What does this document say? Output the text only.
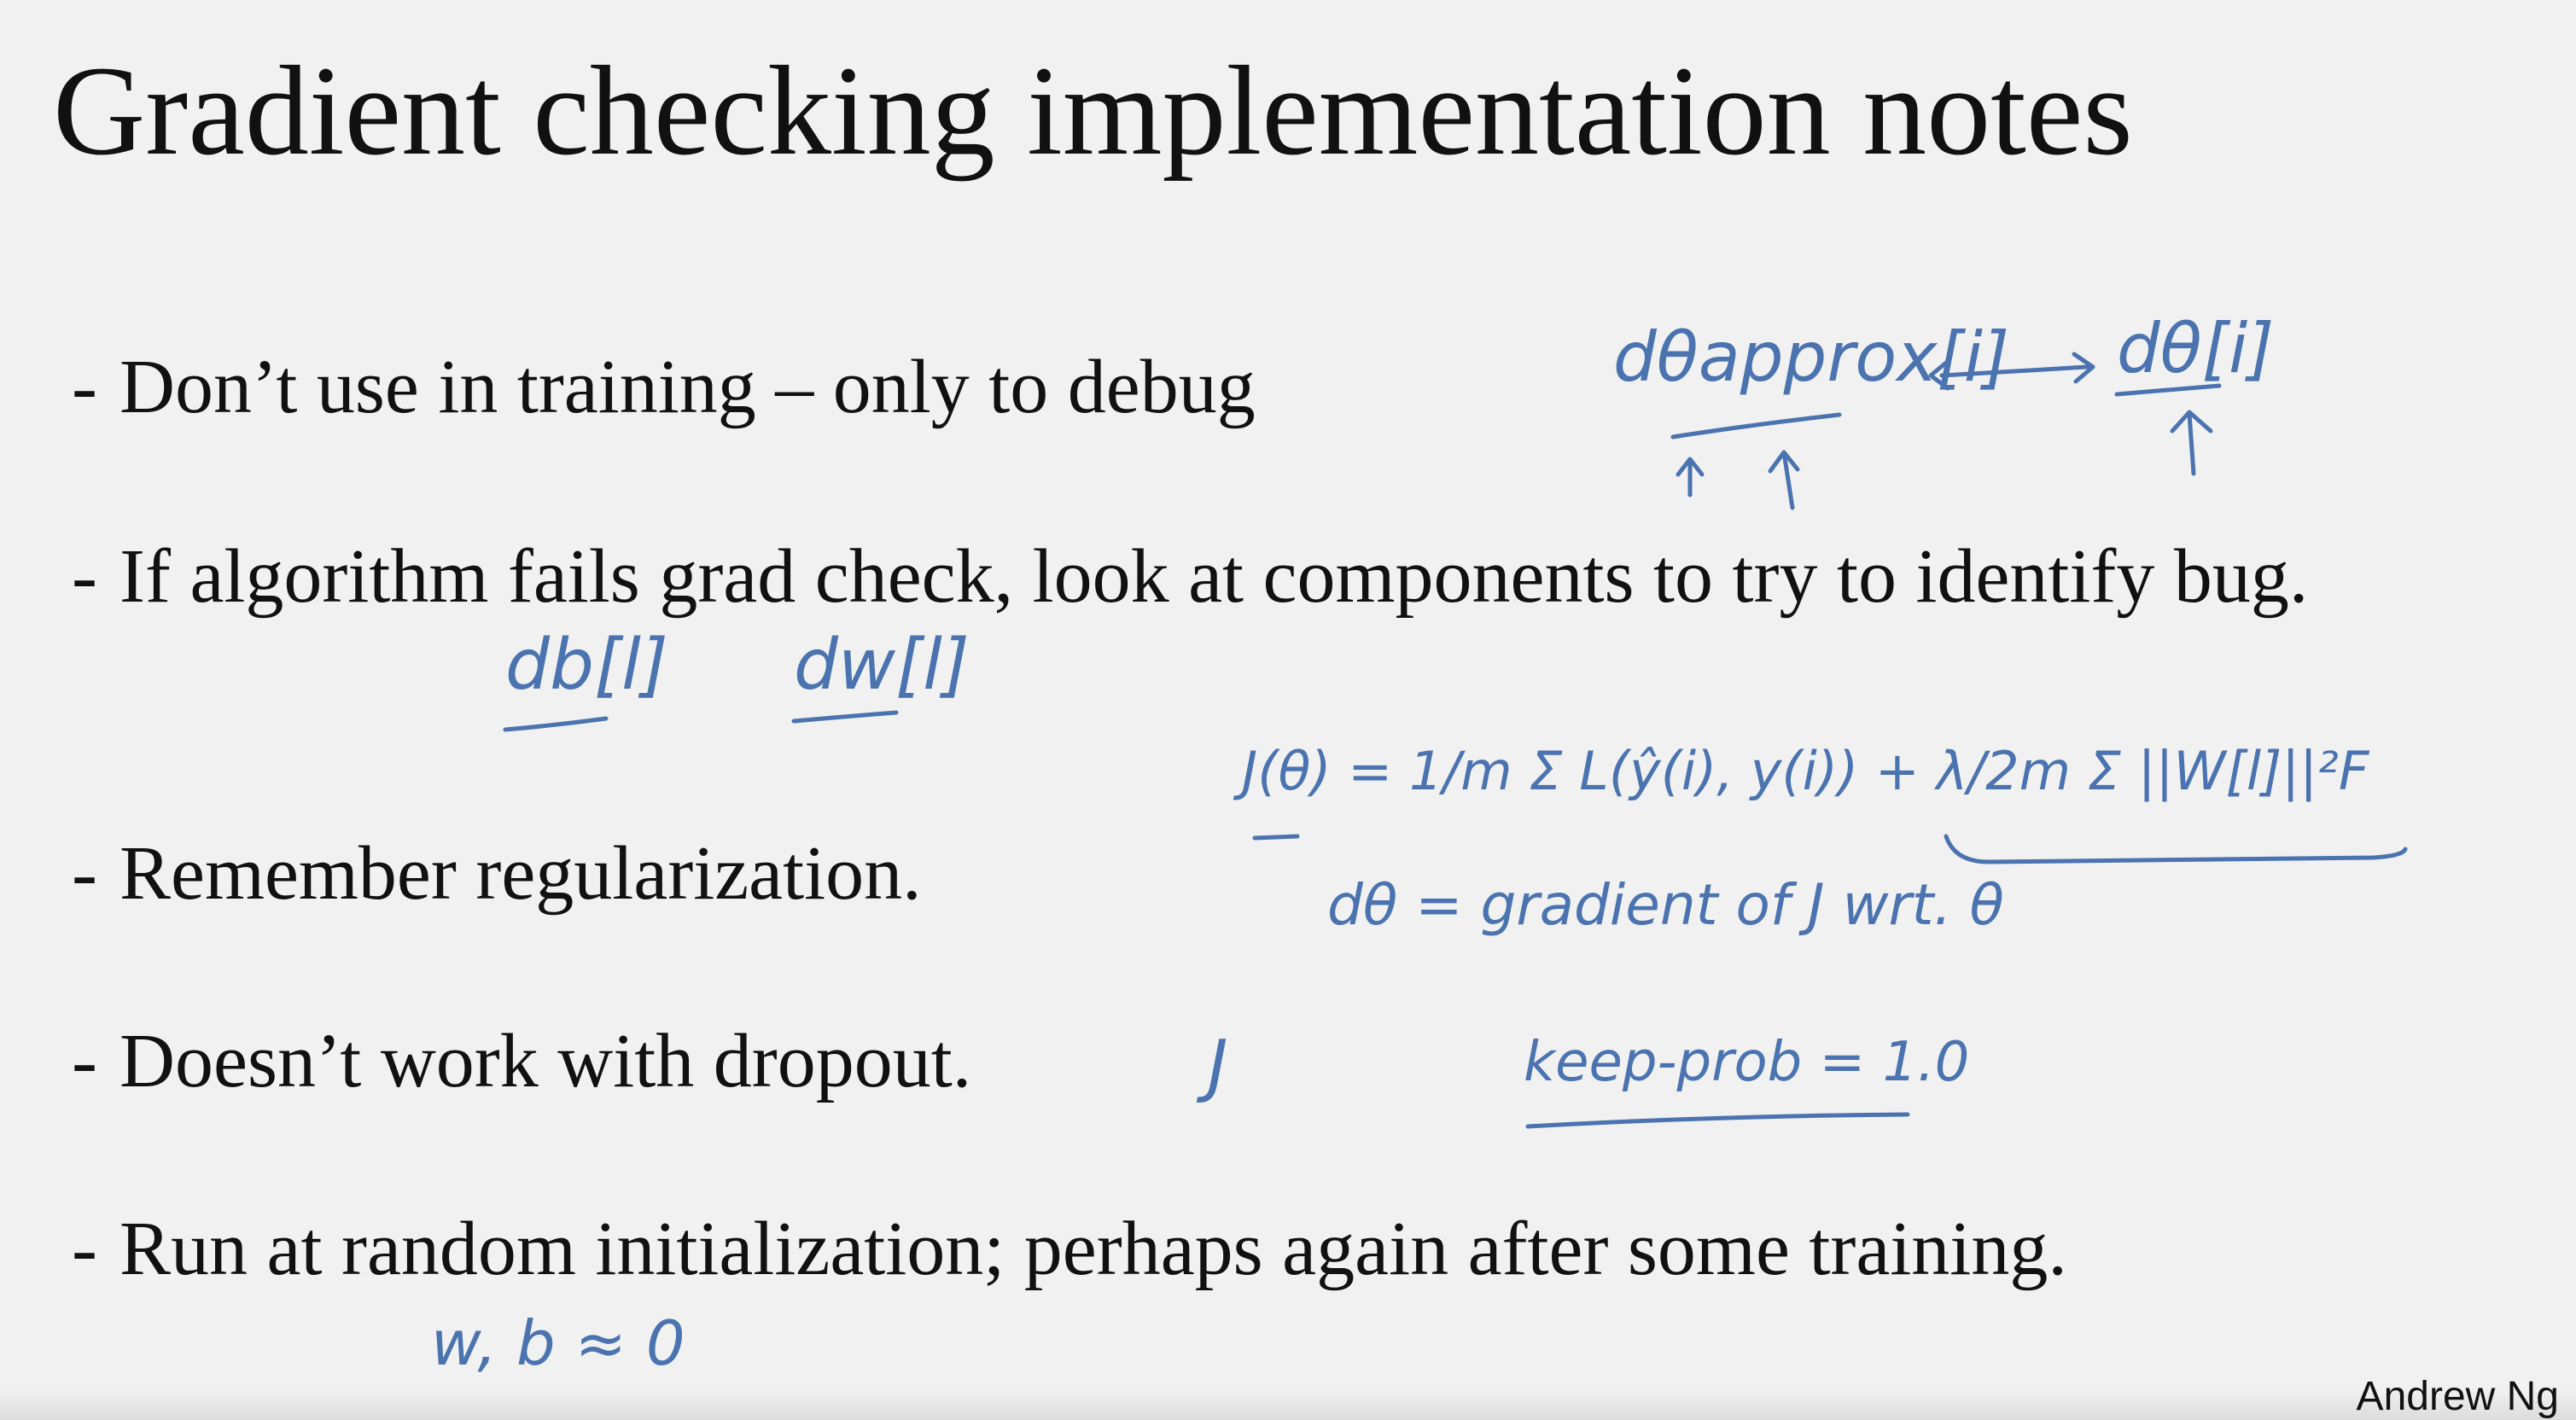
Gradient checking implementation notes
- Don’t use in training – only to debug
- If algorithm fails grad check, look at components to try to identify bug.
- Remember regularization.
- Doesn’t work with dropout.
- Run at random initialization; perhaps again after some training.
dθapprox[i] dθ[i]
db[l] dw[l]
J(θ) = 1/m Σ L(ŷ(i), y(i)) + λ/2m Σ ||W[l]||²F
dθ = gradient of J wrt. θ
J	keep-prob = 1.0
w, b ≈ 0
Andrew Ng
